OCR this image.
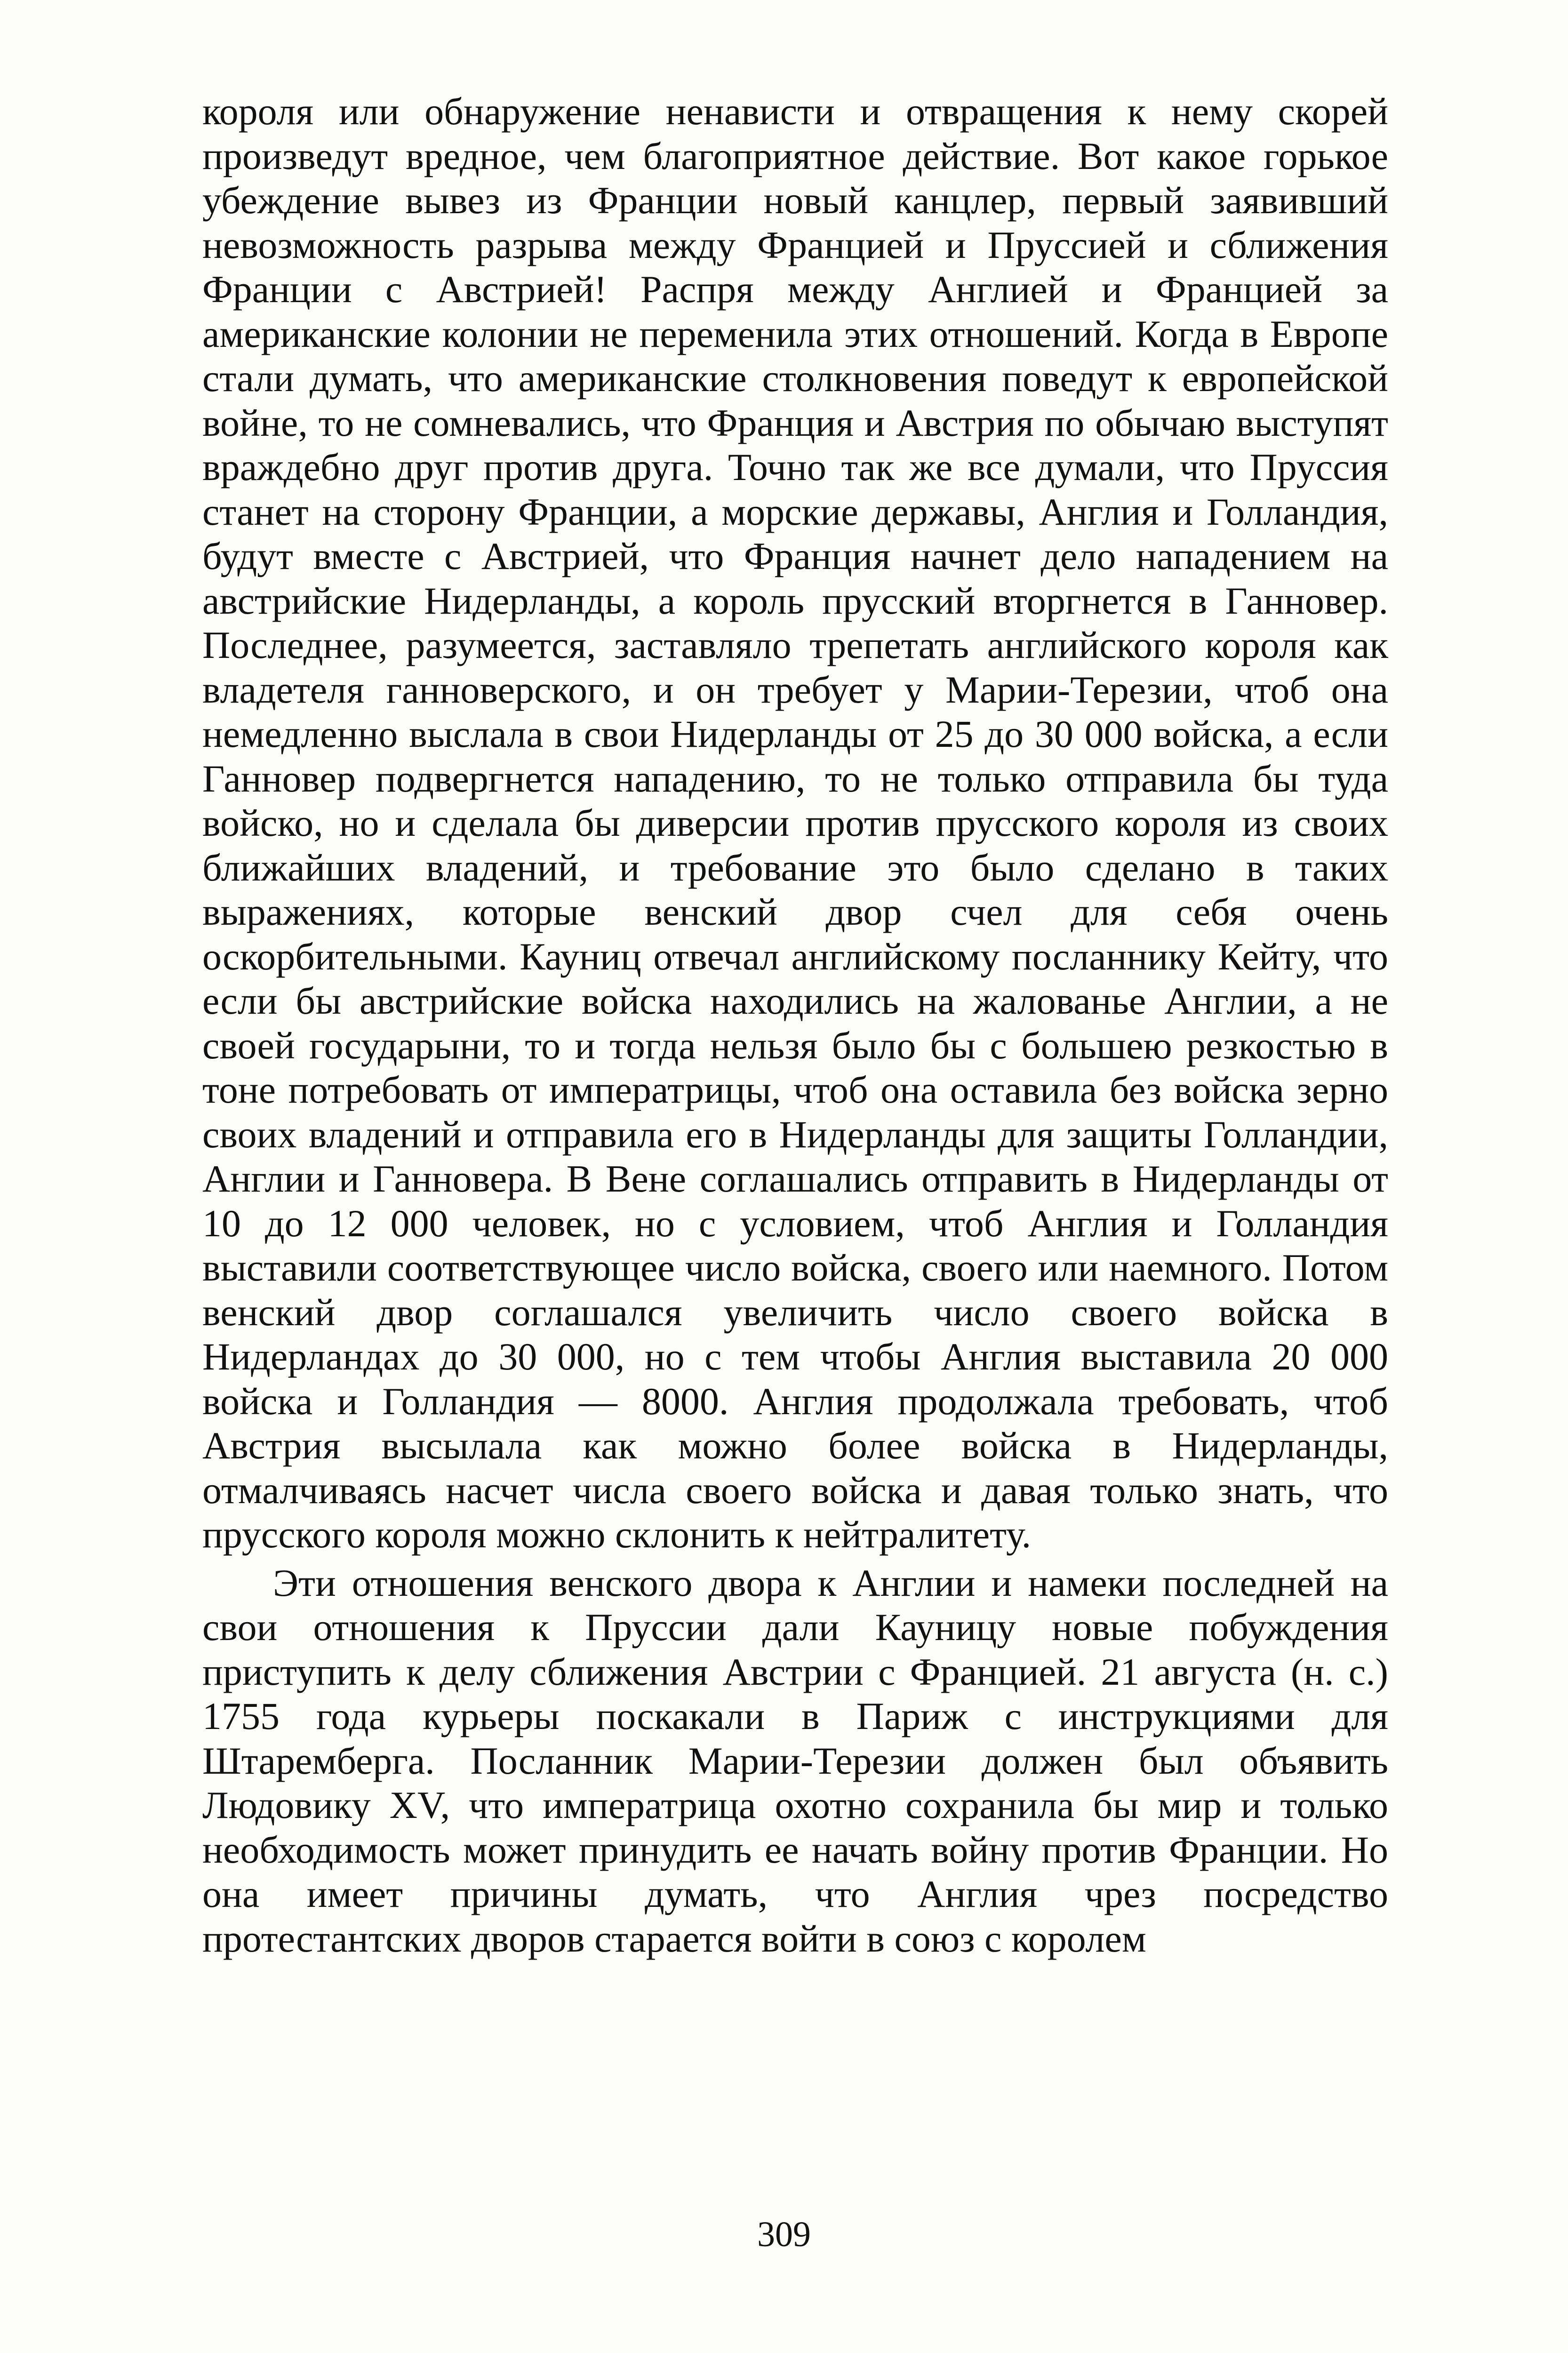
короля или обнаружение ненависти и отвращения к нему скорей произведут вредное, чем благоприятное действие. Вот какое горькое убеждение вывез из Франции новый канцлер, первый заявивший невозможность разрыва между Францией и Пруссией и сближения Франции с Австрией! Распря между Англией и Францией за американские колонии не переменила этих отношений. Когда в Европе стали думать, что американские столкновения поведут к европейской войне, то не сомневались, что Франция и Австрия по обычаю выступят враждебно друг против друга. Точно так же все думали, что Пруссия станет на сторону Франции, а морские державы, Англия и Голландия, будут вместе с Австрией, что Франция начнет дело нападением на австрийские Нидерланды, а король прусский вторгнется в Ганновер. Последнее, разумеется, заставляло трепетать английского короля как владетеля ганноверского, и он требует у Марии-Терезии, чтоб она немедленно выслала в свои Нидерланды от 25 до 30 000 войска, а если Ганновер подвергнется нападению, то не только отправила бы туда войско, но и сделала бы диверсии против прусского короля из своих ближайших владений, и требование это было сделано в таких выражениях, которые венский двор счел для себя очень оскорбительными. Кауниц отвечал английскому посланнику Кейту, что если бы австрийские войска находились на жалованье Англии, а не своей государыни, то и тогда нельзя было бы с большею резкостью в тоне потребовать от императрицы, чтоб она оставила без войска зерно своих владений и отправила его в Нидерланды для защиты Голландии, Англии и Ганновера. В Вене соглашались отправить в Нидерланды от 10 до 12 000 человек, но с условием, чтоб Англия и Голландия выставили соответствующее число войска, своего или наемного. Потом венский двор соглашался увеличить число своего войска в Нидерландах до 30 000, но с тем чтобы Англия выставила 20 000 войска и Голландия — 8000. Англия продолжала требовать, чтоб Австрия высылала как можно более войска в Нидерланды, отмалчиваясь насчет числа своего войска и давая только знать, что прусского короля можно склонить к нейтралитету.

Эти отношения венского двора к Англии и намеки последней на свои отношения к Пруссии дали Кауницу новые побуждения приступить к делу сближения Австрии с Францией. 21 августа (н. с.) 1755 года курьеры поскакали в Париж с инструкциями для Штаремберга. Посланник Марии-Терезии должен был объявить Людовику XV, что императрица охотно сохранила бы мир и только необходимость может принудить ее начать войну против Франции. Но она имеет причины думать, что Англия чрез посредство протестантских дворов старается войти в союз с королем

309
